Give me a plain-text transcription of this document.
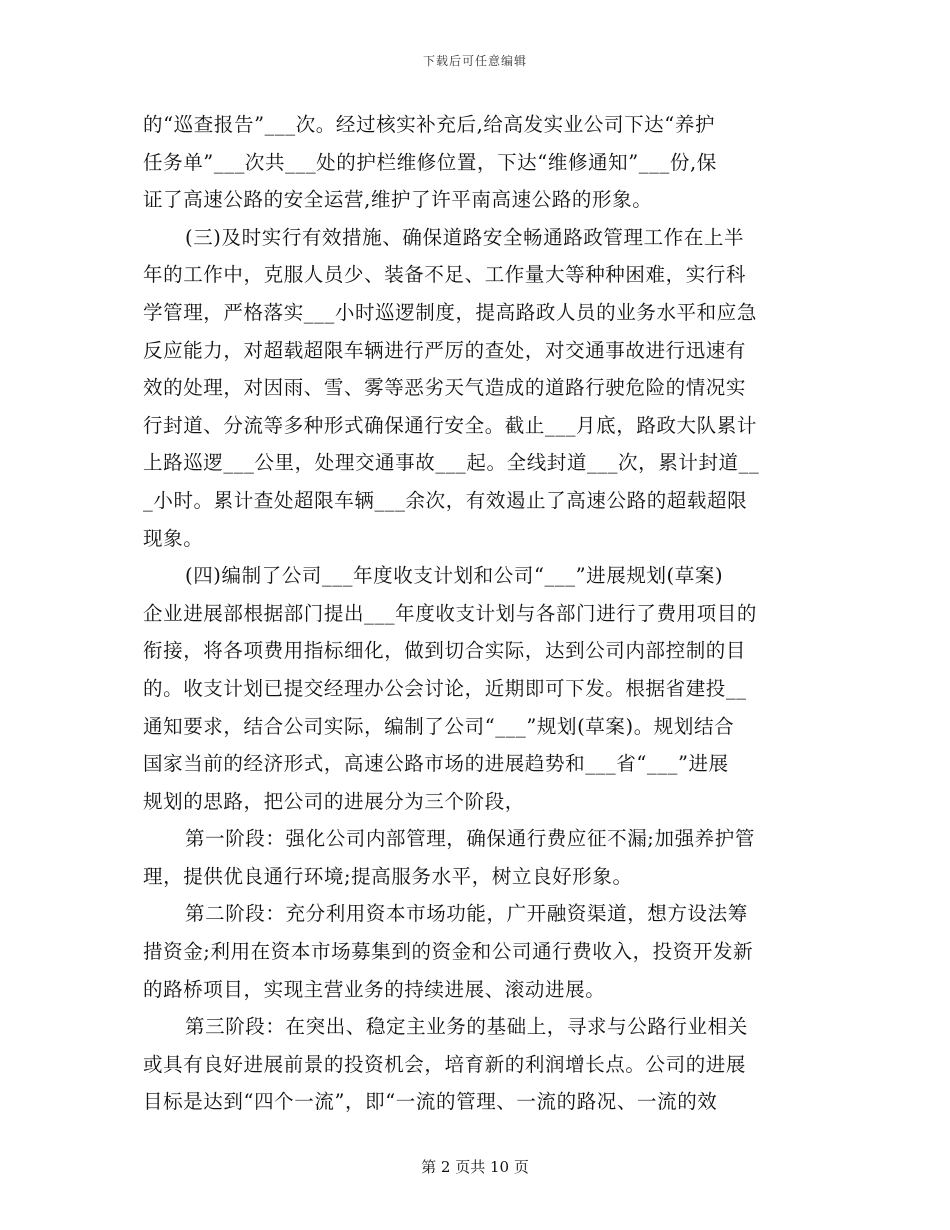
下载后可任意编辑
的“巡查报告”___次。经过核实补充后,给高发实业公司下达“养护
任务单”___次共___处的护栏维修位置，下达“维修通知”___份,保
证了高速公路的安全运营,维护了许平南高速公路的形象。
(三)及时实行有效措施、确保道路安全畅通路政管理工作在上半
年的工作中，克服人员少、装备不足、工作量大等种种困难，实行科
学管理，严格落实___小时巡逻制度，提高路政人员的业务水平和应急
反应能力，对超载超限车辆进行严厉的查处，对交通事故进行迅速有
效的处理，对因雨、雪、雾等恶劣天气造成的道路行驶危险的情况实
行封道、分流等多种形式确保通行安全。截止___月底，路政大队累计
上路巡逻___公里，处理交通事故___起。全线封道___次，累计封道__
_小时。累计查处超限车辆___余次，有效遏止了高速公路的超载超限
现象。
(四)编制了公司___年度收支计划和公司“___”进展规划(草案)
企业进展部根据部门提出___年度收支计划与各部门进行了费用项目的
衔接，将各项费用指标细化，做到切合实际，达到公司内部控制的目
的。收支计划已提交经理办公会讨论，近期即可下发。根据省建投__
通知要求，结合公司实际，编制了公司“___”规划(草案)。规划结合
国家当前的经济形式，高速公路市场的进展趋势和___省“___”进展
规划的思路，把公司的进展分为三个阶段，
第一阶段：强化公司内部管理，确保通行费应征不漏;加强养护管
理，提供优良通行环境;提高服务水平，树立良好形象。
第二阶段：充分利用资本市场功能，广开融资渠道，想方设法筹
措资金;利用在资本市场募集到的资金和公司通行费收入，投资开发新
的路桥项目，实现主营业务的持续进展、滚动进展。
第三阶段：在突出、稳定主业务的基础上，寻求与公路行业相关
或具有良好进展前景的投资机会，培育新的利润增长点。公司的进展
目标是达到“四个一流”，即“一流的管理、一流的路况、一流的效
第 2 页共 10 页
